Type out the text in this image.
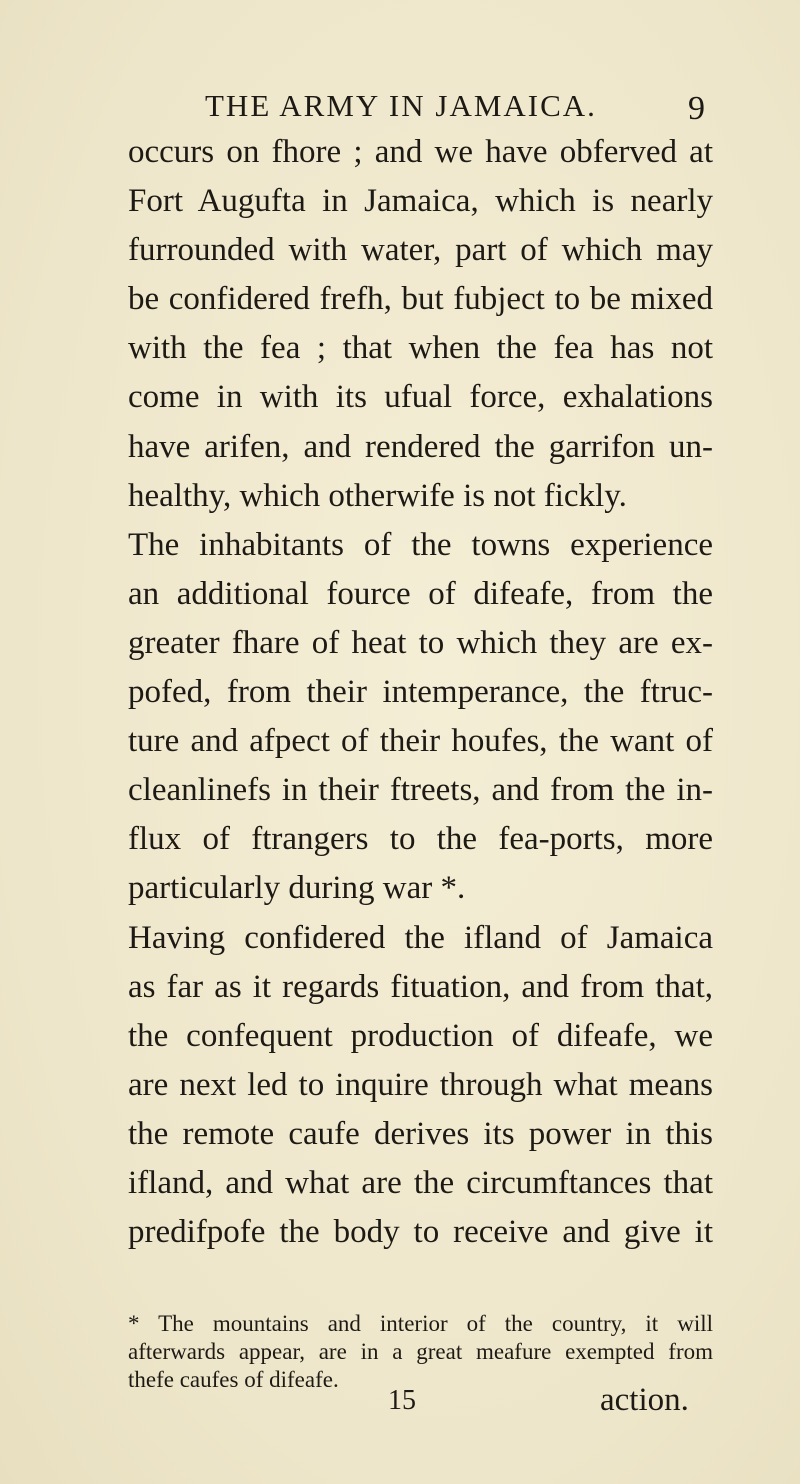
THE ARMY IN JAMAICA.	9
occurs on fhore ; and we have obferved at
Fort Augufta in Jamaica, which is nearly
furrounded with water, part of which may
be confidered frefh, but fubject to be mixed
with the fea ; that when the fea has not
come in with its ufual force, exhalations
have arifen, and rendered the garrifon un-
healthy, which otherwife is not fickly.
The inhabitants of the towns experience
an additional fource of difeafe, from the
greater fhare of heat to which they are ex-
pofed, from their intemperance, the ftruc-
ture and afpect of their houfes, the want of
cleanlinefs in their ftreets, and from the in-
flux of ftrangers to the fea-ports, more
particularly during war *.
Having confidered the ifland of Jamaica
as far as it regards fituation, and from that,
the confequent production of difeafe, we
are next led to inquire through what means
the remote caufe derives its power in this
ifland, and what are the circumftances that
predifpofe the body to receive and give it
* The mountains and interior of the country, it will
afterwards appear, are in a great meafure exempted from
thefe caufes of difeafe.
15	action.
